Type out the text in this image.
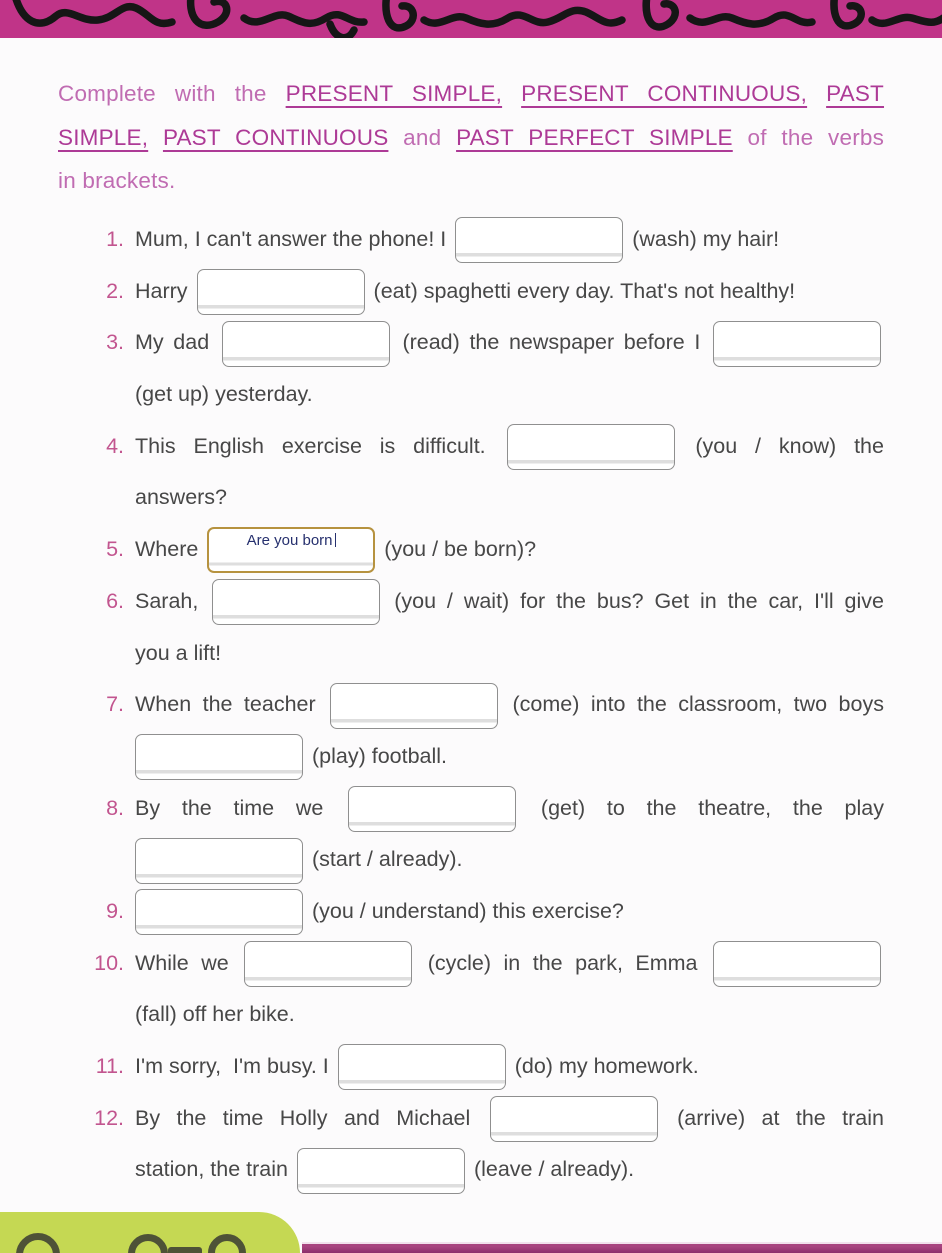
Complete with the PRESENT SIMPLE, PRESENT CONTINUOUS, PAST
SIMPLE, PAST CONTINUOUS and PAST PERFECT SIMPLE of the verbs
in brackets.
1. Mum, I can't answer the phone! I	(wash) my hair!
2. Harry	(eat) spaghetti every day. That's not healthy!
3. My dad	(read) the newspaper before I
(get up) yesterday.
4. This English exercise is difficult.	(you / know) the
answers?
5. Where	Are you born	(you / be born)?
6. Sarah,	(you / wait) for the bus? Get in the car, I'll give
you a lift!
7. When the teacher	(come) into the classroom, two boys
(play) football.
8. By the time we	(get) to the theatre, the play
(start / already).
9.	(you / understand) this exercise?
10. While we	(cycle) in the park, Emma
(fall) off her bike.
11. I'm sorry,  I'm busy. I	(do) my homework.
12. By the time Holly and Michael	(arrive) at the train
station, the train	(leave / already).
